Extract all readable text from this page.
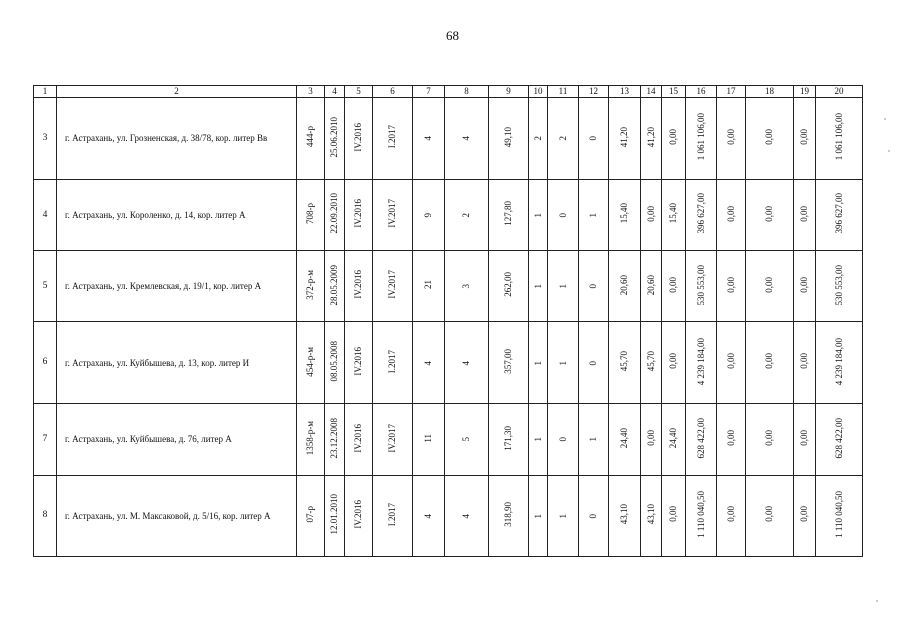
68
1	2	3	4	5	6	7	8	9	10	11	12	13	14	15	16	17	18	19	20
3	г. Астрахань, ул. Грозненская, д. 38/78, кор. литер Вв	444-р	25.06.2010	IV.2016	I.2017	4	4	49,10	2	2	0	41,20	41,20	0,00	1 061 106,00	0,00	0,00	0,00	1 061 106,00
4	г. Астрахань, ул. Короленко, д. 14, кор. литер А	708-р	22.09.2010	IV.2016	IV.2017	9	2	127,80	1	0	1	15,40	0,00	15,40	396 627,00	0,00	0,00	0,00	396 627,00
5	г. Астрахань, ул. Кремлевская, д. 19/1, кор. литер А	372-р-м	28.05.2009	IV.2016	IV.2017	21	3	262,00	1	1	0	20,60	20,60	0,00	530 553,00	0,00	0,00	0,00	530 553,00
6	г. Астрахань, ул. Куйбышева, д. 13, кор. литер И	454-р-м	08.05.2008	IV.2016	I.2017	4	4	357,00	1	1	0	45,70	45,70	0,00	4 239 184,00	0,00	0,00	0,00	4 239 184,00
7	г. Астрахань, ул. Куйбышева, д. 76, литер А	1358-р-м	23.12.2008	IV.2016	IV.2017	11	5	171,30	1	0	1	24,40	0,00	24,40	628 422,00	0,00	0,00	0,00	628 422,00
8	г. Астрахань, ул. М. Максаковой, д. 5/16, кор. литер А	07-р	12.01.2010	IV.2016	I.2017	4	4	318,90	1	1	0	43,10	43,10	0,00	1 110 040,50	0,00	0,00	0,00	1 110 040,50
